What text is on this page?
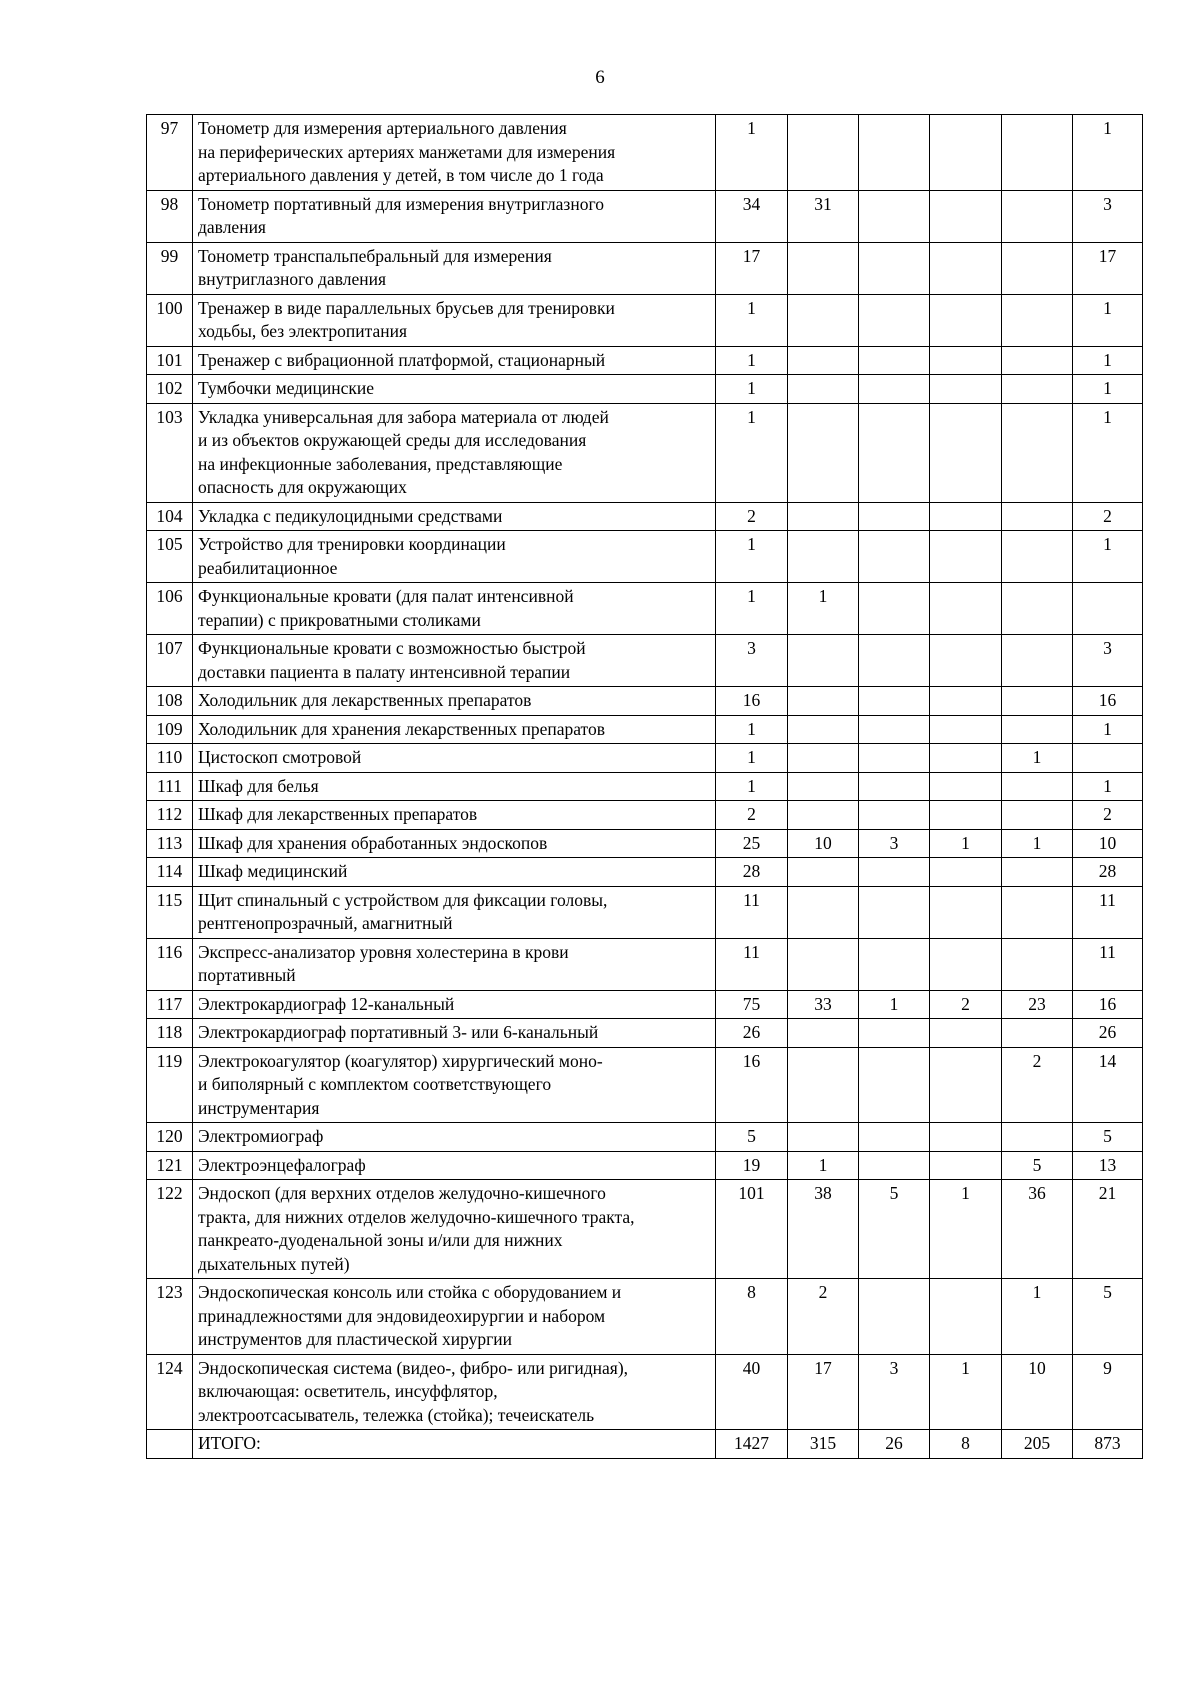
6
97	Тонометр для измерения артериального давления
на периферических артериях манжетами для измерения
артериального давления у детей, в том числе до 1 года	1					1
98	Тонометр портативный для измерения внутриглазного
давления	34	31				3
99	Тонометр транспальпебральный для измерения
внутриглазного давления	17					17
100	Тренажер в виде параллельных брусьев для тренировки
ходьбы, без электропитания	1					1
101	Тренажер с вибрационной платформой, стационарный	1					1
102	Тумбочки медицинские	1					1
103	Укладка универсальная для забора материала от людей
и из объектов окружающей среды для исследования
на инфекционные заболевания, представляющие
опасность для окружающих	1					1
104	Укладка с педикулоцидными средствами	2					2
105	Устройство для тренировки координации
реабилитационное	1					1
106	Функциональные кровати (для палат интенсивной
терапии) с прикроватными столиками	1	1				
107	Функциональные кровати с возможностью быстрой
доставки пациента в палату интенсивной терапии	3					3
108	Холодильник для лекарственных препаратов	16					16
109	Холодильник для хранения лекарственных препаратов	1					1
110	Цистоскоп смотровой	1				1	
111	Шкаф для белья	1					1
112	Шкаф для лекарственных препаратов	2					2
113	Шкаф для хранения обработанных эндоскопов	25	10	3	1	1	10
114	Шкаф медицинский	28					28
115	Щит спинальный с устройством для фиксации головы,
рентгенопрозрачный, амагнитный	11					11
116	Экспресс-анализатор уровня холестерина в крови
портативный	11					11
117	Электрокардиограф 12-канальный	75	33	1	2	23	16
118	Электрокардиограф портативный 3- или 6-канальный	26					26
119	Электрокоагулятор (коагулятор) хирургический моно-
и биполярный с комплектом соответствующего
инструментария	16				2	14
120	Электромиограф	5					5
121	Электроэнцефалограф	19	1			5	13
122	Эндоскоп (для верхних отделов желудочно-кишечного
тракта, для нижних отделов желудочно-кишечного тракта,
панкреато-дуоденальной зоны и/или для нижних
дыхательных путей)	101	38	5	1	36	21
123	Эндоскопическая консоль или стойка с оборудованием и
принадлежностями для эндовидеохирургии и набором
инструментов для пластической хирургии	8	2			1	5
124	Эндоскопическая система (видео-, фибро- или ригидная),
включающая: осветитель, инсуффлятор,
электроотсасыватель, тележка (стойка); течеискатель	40	17	3	1	10	9
	ИТОГО:	1427	315	26	8	205	873
